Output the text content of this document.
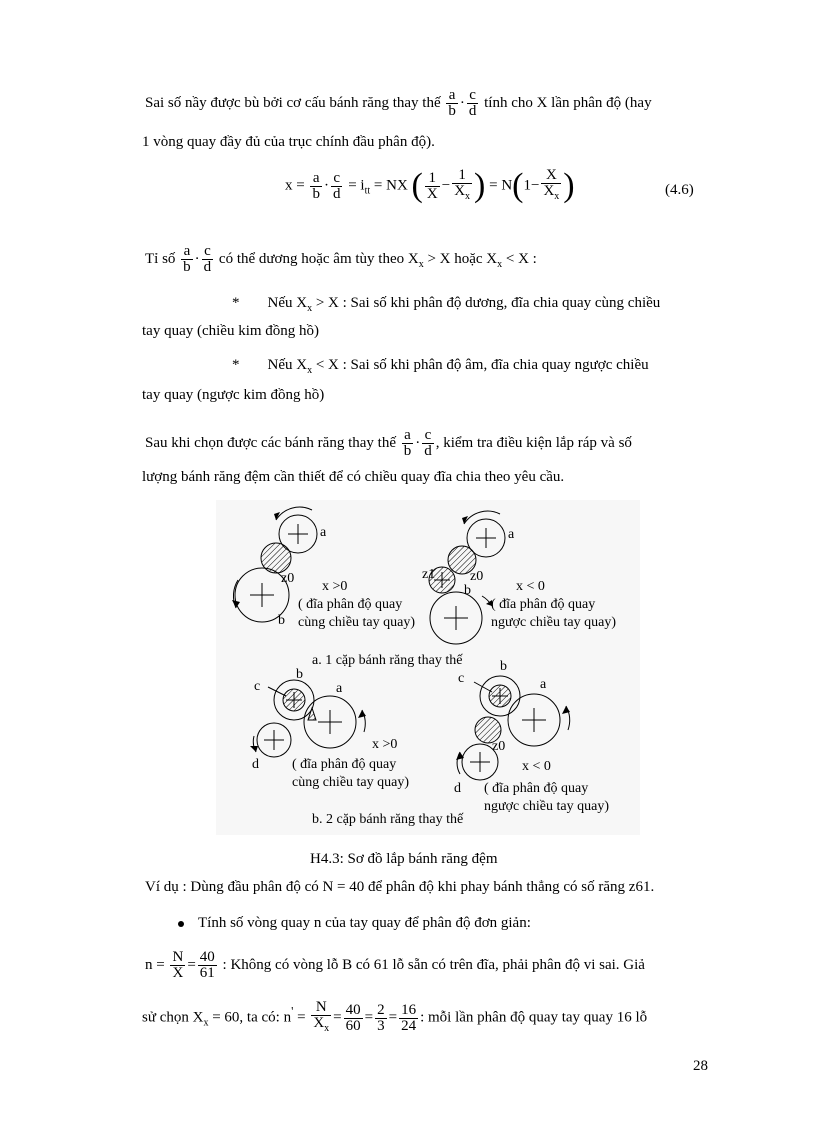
Sai số nầy được bù bởi cơ cấu bánh răng thay thế $\frac{a}{b} \cdot \frac{c}{d}$ tính cho X lần phân độ (hay
1 vòng quay đầy đủ của trục chính đầu phân độ).
$x = \frac{a}{b} \cdot \frac{c}{d} = i_{tt}$ = NX ( $\frac{1}{X} - \frac{1}{X_x}$ ) = $N(1- \frac{X}{X_x}$ )	(4.6)
Tỉ số $\frac{a}{b} \cdot \frac{c}{d}$ có thể dương hoặc âm tùy theo $X_x > X$ hoặc $X_x < X$ :
* Nếu $X_x > X$ : Sai số khi phân độ dương, đĩa chia quay cùng chiều
tay quay (chiều kim đồng hồ)
* Nếu $X_x < X$ : Sai số khi phân độ âm, đĩa chia quay ngược chiều
tay quay (ngược kim đồng hồ)
Sau khi chọn được các bánh răng thay thế $\frac{a}{b} \cdot \frac{c}{d}$ , kiểm tra điều kiện lắp ráp và số
lượng bánh răng đệm cần thiết để có chiều quay đĩa chia theo yêu cầu.
a
z0
b
x >0
( đĩa phân độ quay
cùng chiều tay quay)
a
z1 z0
b	x < 0
( đĩa phân độ quay
ngược chiều tay quay)
a. 1 cặp bánh răng thay thế
b
c	a
d
x >0
( đĩa phân độ quay
cùng chiều tay quay)
b
c	a
z0
d
x < 0
( đĩa phân độ quay
ngược chiều tay quay)
b. 2 cặp bánh răng thay thế
H4.3: Sơ đồ lắp bánh răng đệm
Ví dụ : Dùng đầu phân độ có N = 40 để phân độ khi phay bánh thẳng có số răng z61.
Tính số vòng quay n của tay quay để phân độ đơn giản:
$n = \frac{N}{X} = \frac{40}{61}$ : Không có vòng lỗ B có 61 lỗ sẵn có trên đĩa, phải phân độ vi sai. Giả
sử chọn $X_x = 60$, ta có: $n' = \frac{N}{X_x} = \frac{40}{60} = \frac{2}{3} = \frac{16}{24}$ : mỗi lần phân độ quay tay quay 16 lỗ
28
